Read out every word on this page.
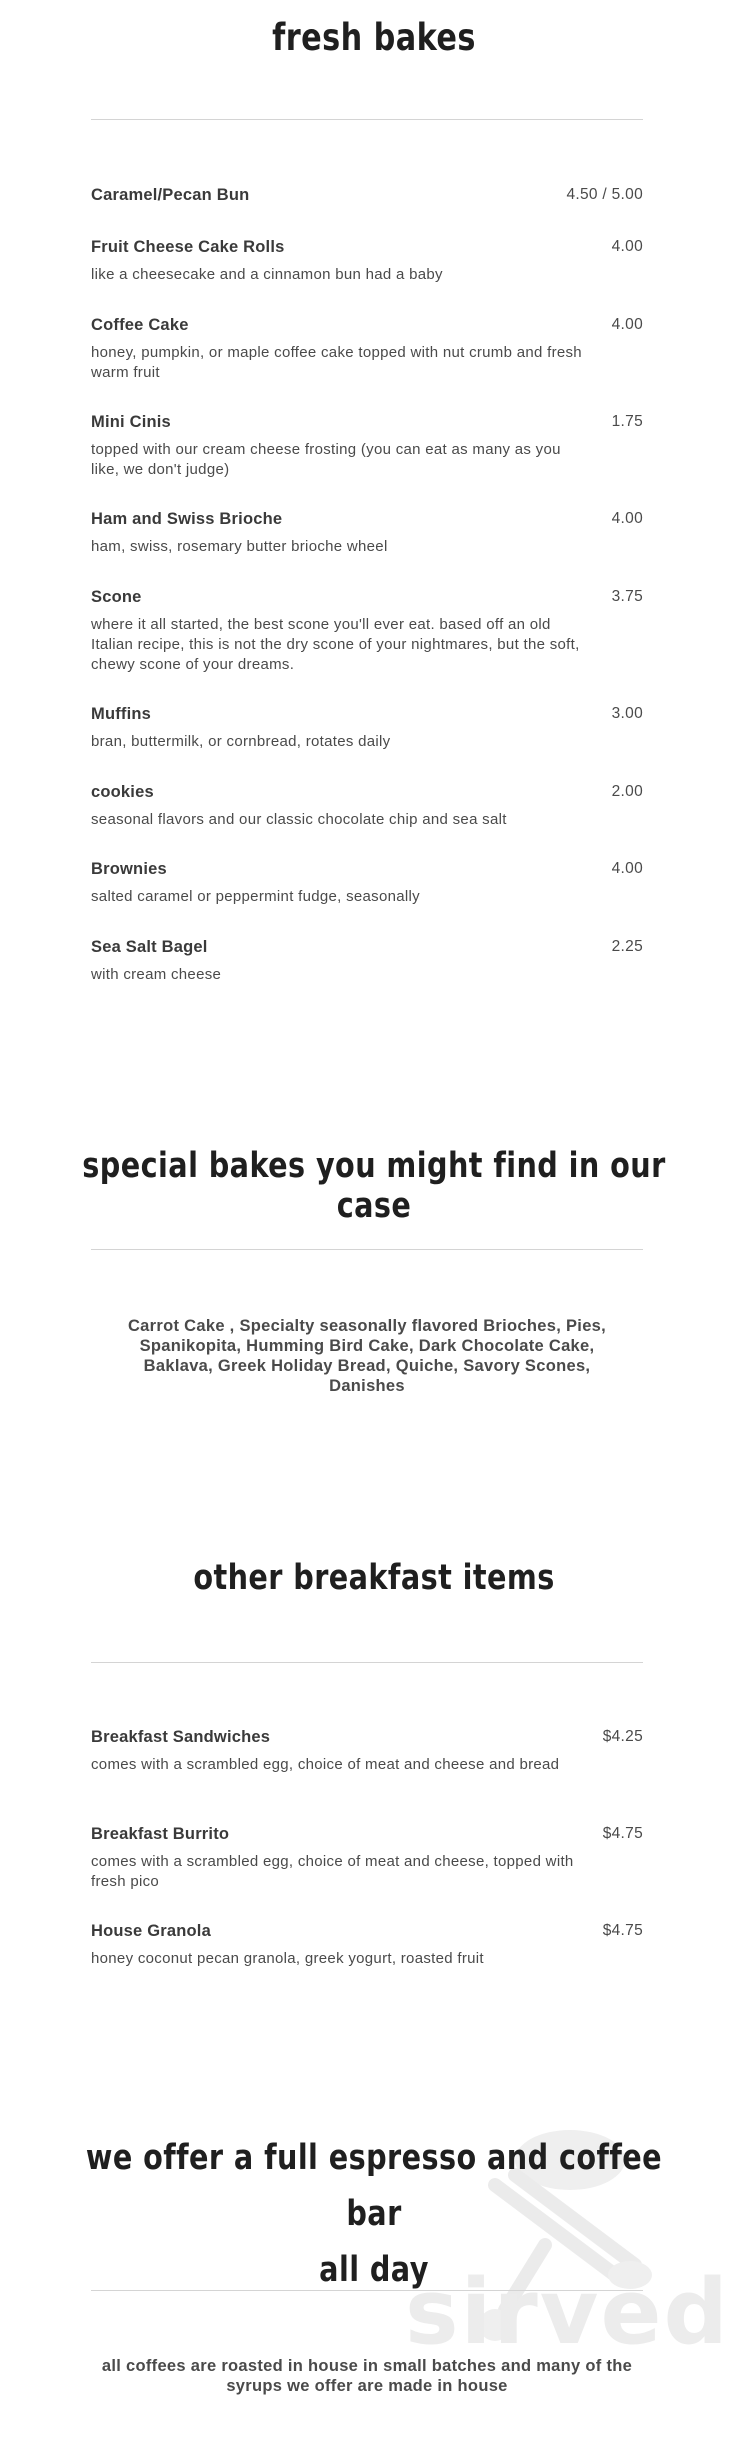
sirved
fresh bakes
Caramel/Pecan Bun	4.50 / 5.00
Fruit Cheese Cake Rolls	4.00
like a cheesecake and a cinnamon bun had a baby
Coffee Cake	4.00
honey, pumpkin, or maple coffee cake topped with nut crumb and fresh warm fruit
Mini Cinis	1.75
topped with our cream cheese frosting (you can eat as many as you like, we don't judge)
Ham and Swiss Brioche	4.00
ham, swiss, rosemary butter brioche wheel
Scone	3.75
where it all started, the best scone you'll ever eat. based off an old Italian recipe, this is not the dry scone of your nightmares, but the soft, chewy scone of your dreams.
Muffins	3.00
bran, buttermilk, or cornbread, rotates daily
cookies	2.00
seasonal flavors and our classic chocolate chip and sea salt
Brownies	4.00
salted caramel or peppermint fudge, seasonally
Sea Salt Bagel	2.25
with cream cheese
special bakes you might find in our case
Carrot Cake , Specialty seasonally flavored Brioches, Pies, Spanikopita, Humming Bird Cake, Dark Chocolate Cake, Baklava, Greek Holiday Bread, Quiche, Savory Scones, Danishes
other breakfast items
Breakfast Sandwiches	$4.25
comes with a scrambled egg, choice of meat and cheese and bread
Breakfast Burrito	$4.75
comes with a scrambled egg, choice of meat and cheese, topped with fresh pico
House Granola	$4.75
honey coconut pecan granola, greek yogurt, roasted fruit
we offer a full espresso and coffee bar
all day
all coffees are roasted in house in small batches and many of the syrups we offer are made in house
